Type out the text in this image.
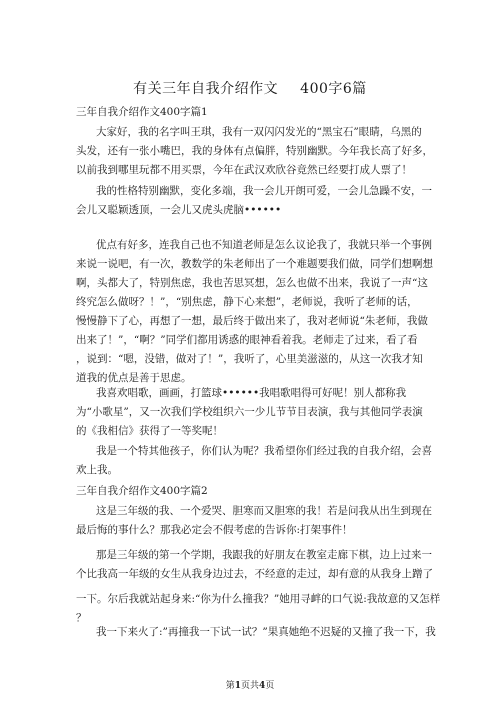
有关三年自我介绍作文 400字6篇
三年自我介绍作文400字篇1
大家好，我的名字叫王琪，我有一双闪闪发光的“黑宝石”眼睛，乌黑的
头发，还有一张小嘴巴，我的身体有点偏胖，特别幽默。今年我长高了好多，
以前我到哪里玩都不用买票，今年在武汉欢欣谷竟然已经要打成人票了！
我的性格特别幽默，变化多端，我一会儿开朗可爱，一会儿急躁不安，一
会儿又聪颖透顶，一会儿又虎头虎脑••••••
优点有好多，连我自己也不知道老师是怎么议论我了，我就只举一个事例
来说一说吧，有一次，教数学的朱老师出了一个难题要我们做，同学们想啊想
啊，头都大了，特别焦虑，我也苦思冥想，怎么也做不出来，我说了一声“这
终究怎么做呀？！”，“别焦虑，静下心来想”，老师说，我听了老师的话，
慢慢静下了心，再想了一想，最后终于做出来了，我对老师说“朱老师，我做
出来了！”，“啊？”同学们都用诱惑的眼神看着我。老师走了过来，看了看
，说到：“嗯，没错，做对了！”，我听了，心里美滋滋的，从这一次我才知
道我的优点是善于思虑。
我喜欢唱歌，画画，打篮球••••••我唱歌唱得可好呢！别人都称我
为“小歌星”，又一次我们学校组织六一少儿节节目表演，我与其他同学表演
的《我相信》获得了一等奖呢！
我是一个特其他孩子，你们认为呢？我希望你们经过我的自我介绍，会喜
欢上我。
三年自我介绍作文400字篇2
这是三年级的我、一个爱哭、胆寒而又胆寒的我！若是问我从出生到现在
最后悔的事什么？那我必定会不假考虑的告诉你:打架事件！
那是三年级的第一个学期，我跟我的好朋友在教室走廊下棋，边上过来一
个比我高一年级的女生从我身边过去，不经意的走过，却有意的从我身上蹭了
一下。尔后我就站起身来:“你为什么撞我？”她用寻衅的口气说:我故意的又怎样
？
我一下来火了:”再撞我一下试一试？”果真她绝不迟疑的又撞了我一下，我
第1页共4页
